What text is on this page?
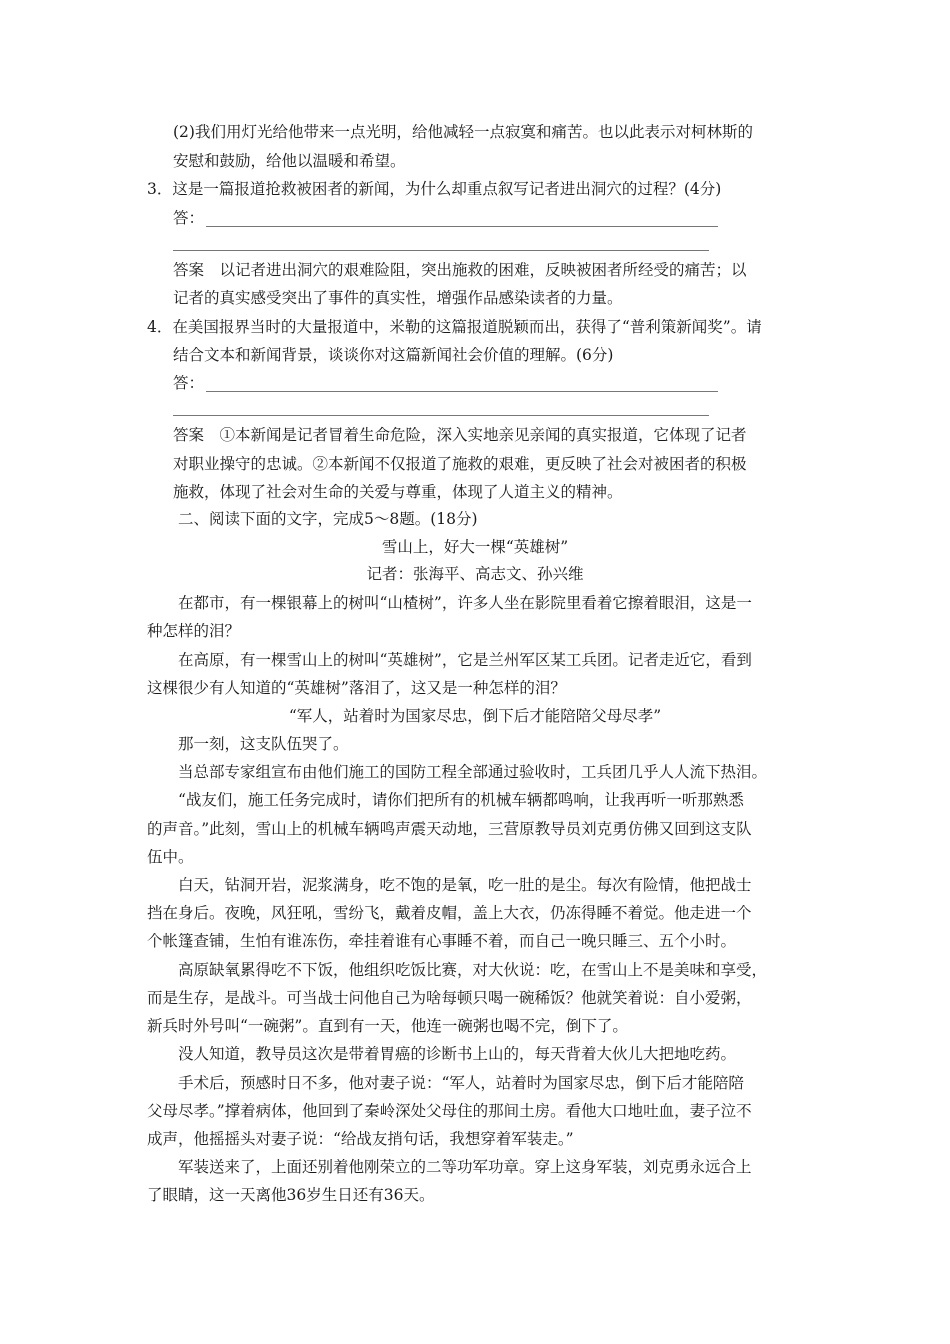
(2)我们用灯光给他带来一点光明，给他减轻一点寂寞和痛苦。也以此表示对柯林斯的
安慰和鼓励，给他以温暖和希望。
3．这是一篇报道抢救被困者的新闻，为什么却重点叙写记者进出洞穴的过程？(4分)
答：
答案　以记者进出洞穴的艰难险阻，突出施救的困难，反映被困者所经受的痛苦；以
记者的真实感受突出了事件的真实性，增强作品感染读者的力量。
4．在美国报界当时的大量报道中，米勒的这篇报道脱颖而出，获得了“普利策新闻奖”。请
结合文本和新闻背景，谈谈你对这篇新闻社会价值的理解。(6分)
答：
答案　①本新闻是记者冒着生命危险，深入实地亲见亲闻的真实报道，它体现了记者
对职业操守的忠诚。②本新闻不仅报道了施救的艰难，更反映了社会对被困者的积极
施救，体现了社会对生命的关爱与尊重，体现了人道主义的精神。
二、阅读下面的文字，完成5～8题。(18分)
雪山上，好大一棵“英雄树”
记者：张海平、高志文、孙兴维
在都市，有一棵银幕上的树叫“山楂树”，许多人坐在影院里看着它擦着眼泪，这是一
种怎样的泪？
在高原，有一棵雪山上的树叫“英雄树”，它是兰州军区某工兵团。记者走近它，看到
这棵很少有人知道的“英雄树”落泪了，这又是一种怎样的泪？
“军人，站着时为国家尽忠，倒下后才能陪陪父母尽孝”
那一刻，这支队伍哭了。
当总部专家组宣布由他们施工的国防工程全部通过验收时，工兵团几乎人人流下热泪。
“战友们，施工任务完成时，请你们把所有的机械车辆都鸣响，让我再听一听那熟悉
的声音。”此刻，雪山上的机械车辆鸣声震天动地，三营原教导员刘克勇仿佛又回到这支队
伍中。
白天，钻洞开岩，泥浆满身，吃不饱的是氧，吃一肚的是尘。每次有险情，他把战士
挡在身后。夜晚，风狂吼，雪纷飞，戴着皮帽，盖上大衣，仍冻得睡不着觉。他走进一个
个帐篷查铺，生怕有谁冻伤，牵挂着谁有心事睡不着，而自己一晚只睡三、五个小时。
高原缺氧累得吃不下饭，他组织吃饭比赛，对大伙说：吃，在雪山上不是美味和享受，
而是生存，是战斗。可当战士问他自己为啥每顿只喝一碗稀饭？他就笑着说：自小爱粥，
新兵时外号叫“一碗粥”。直到有一天，他连一碗粥也喝不完，倒下了。
没人知道，教导员这次是带着胃癌的诊断书上山的，每天背着大伙儿大把地吃药。
手术后，预感时日不多，他对妻子说：“军人，站着时为国家尽忠，倒下后才能陪陪
父母尽孝。”撑着病体，他回到了秦岭深处父母住的那间土房。看他大口地吐血，妻子泣不
成声，他摇摇头对妻子说：“给战友捎句话，我想穿着军装走。”
军装送来了，上面还别着他刚荣立的二等功军功章。穿上这身军装，刘克勇永远合上
了眼睛，这一天离他36岁生日还有36天。
